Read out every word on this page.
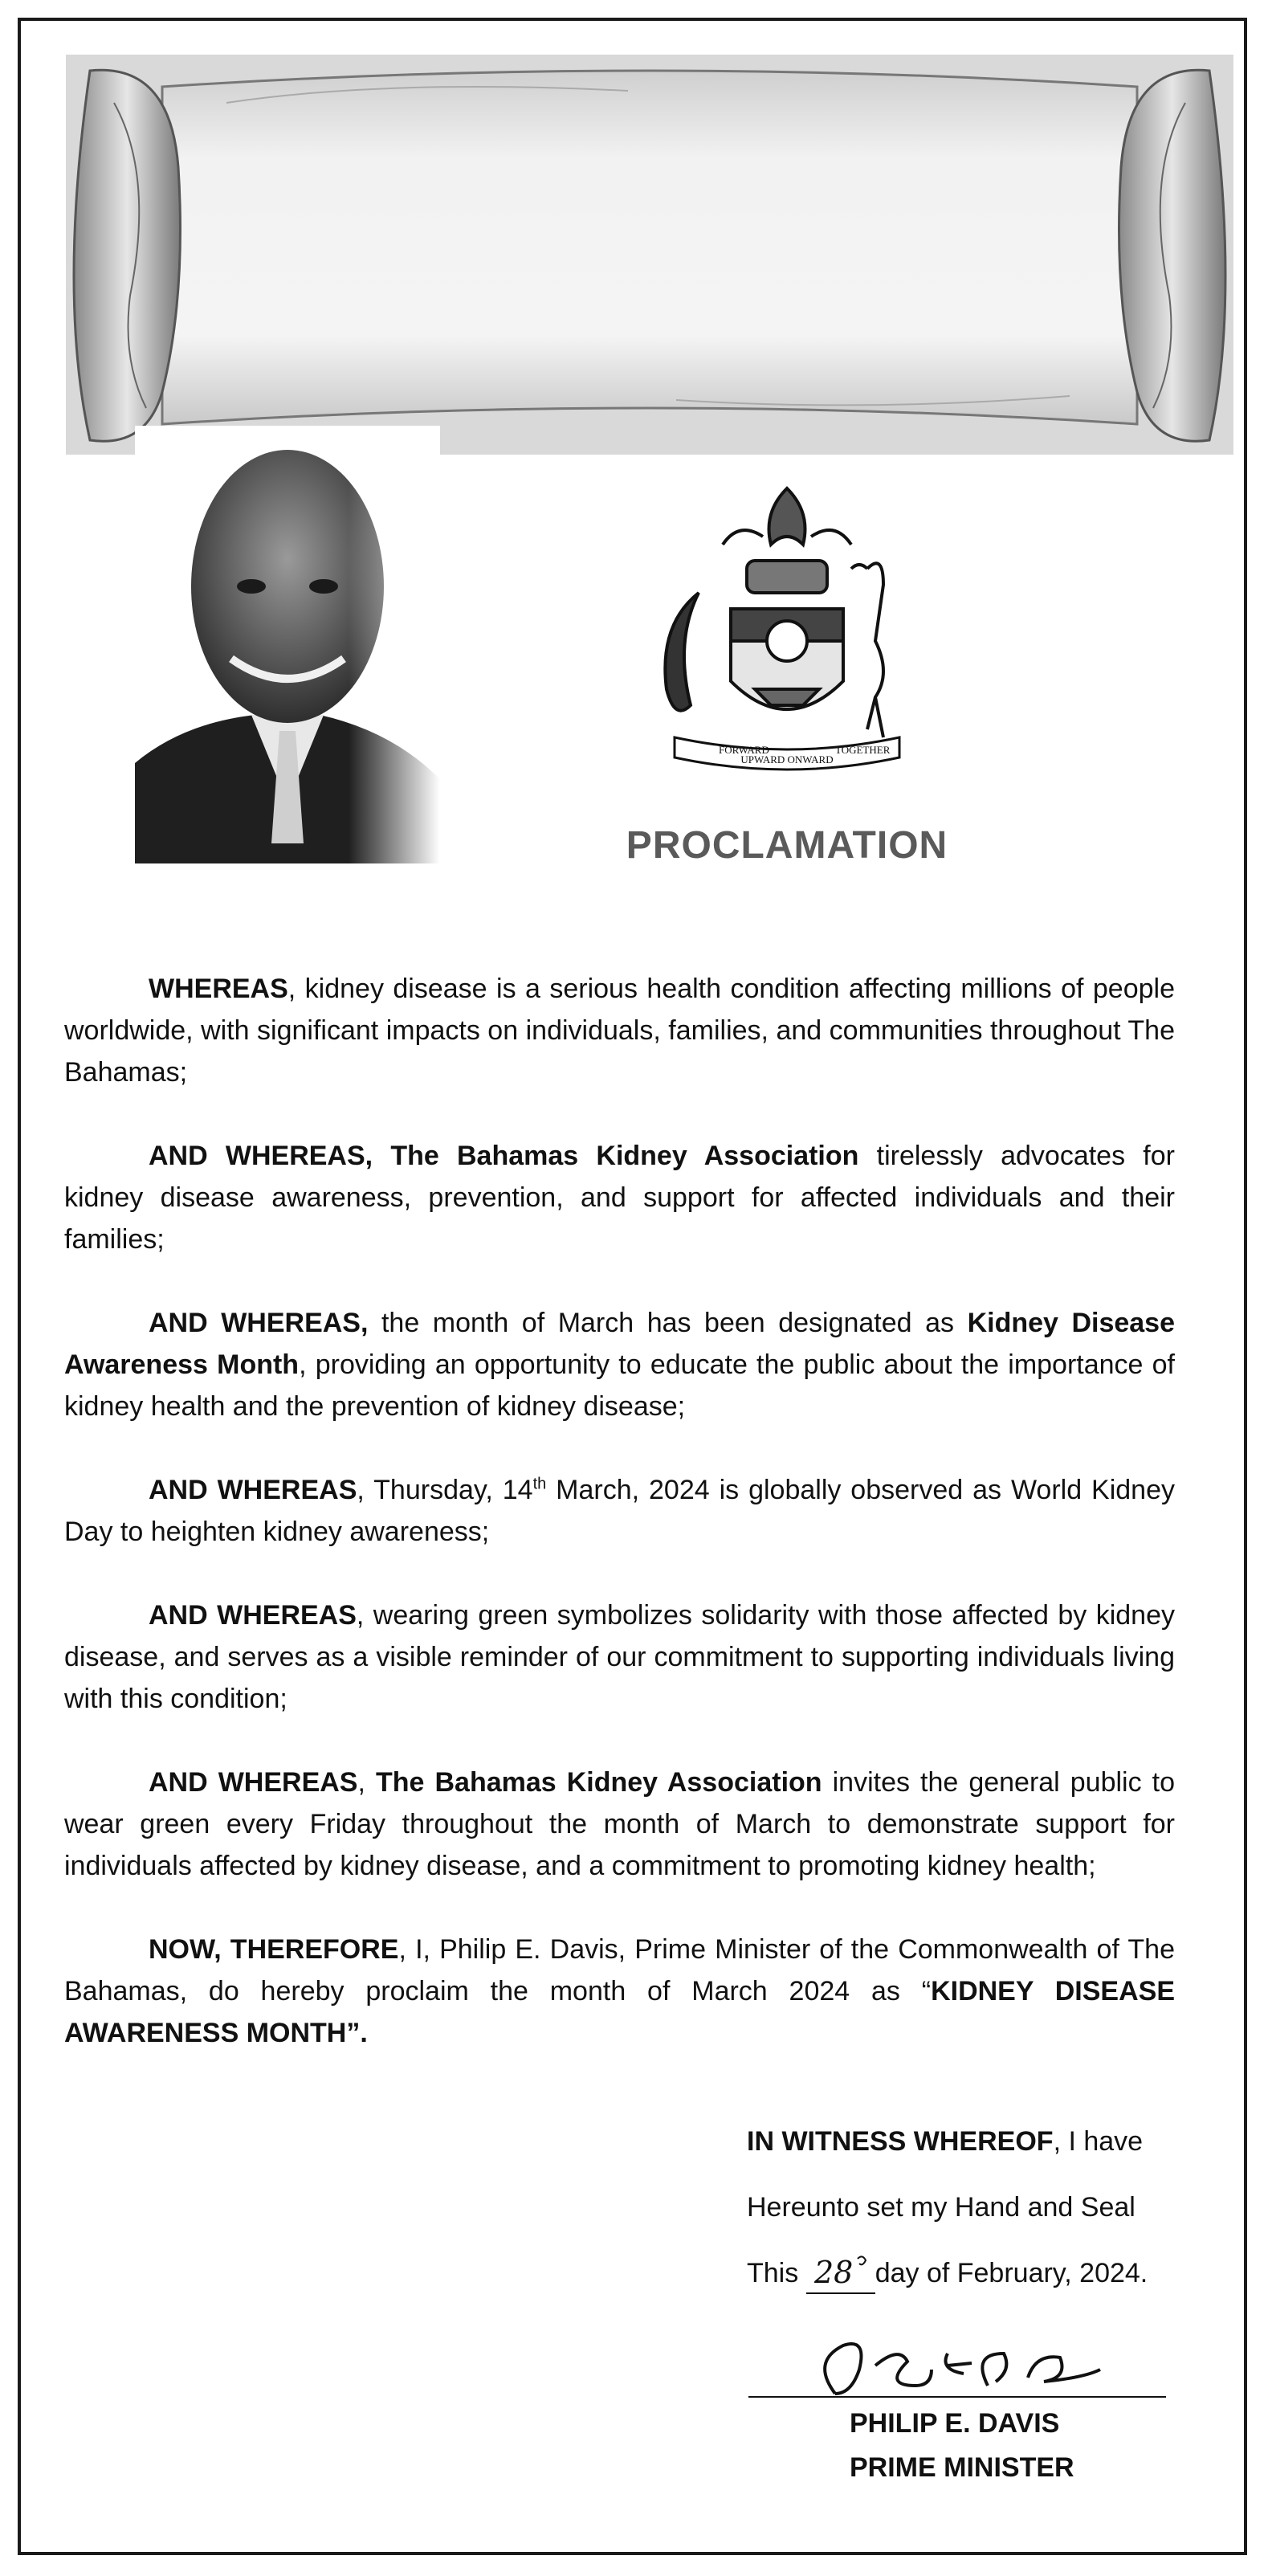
FORWARD
UPWARD ONWARD
TOGETHER
PROCLAMATION

WHEREAS, kidney disease is a serious health condition affecting millions of people worldwide, with significant impacts on individuals, families, and communities throughout The Bahamas;

AND WHEREAS, The Bahamas Kidney Association tirelessly advocates for kidney disease awareness, prevention, and support for affected individuals and their families;

AND WHEREAS, the month of March has been designated as Kidney Disease Awareness Month, providing an opportunity to educate the public about the importance of kidney health and the prevention of kidney disease;

AND WHEREAS, Thursday, 14th March, 2024 is globally observed as World Kidney Day to heighten kidney awareness;

AND WHEREAS, wearing green symbolizes solidarity with those affected by kidney disease, and serves as a visible reminder of our commitment to supporting individuals living with this condition;

AND WHEREAS, The Bahamas Kidney Association invites the general public to wear green every Friday throughout the month of March to demonstrate support for individuals affected by kidney disease, and a commitment to promoting kidney health;

NOW, THEREFORE, I, Philip E. Davis, Prime Minister of the Commonwealth of The Bahamas, do hereby proclaim the month of March 2024 as “KIDNEY DISEASE AWARENESS MONTH”.

IN WITNESS WHEREOF, I have
Hereunto set my Hand and Seal
This 28 day of February, 2024.
PHILIP E. DAVIS
PRIME MINISTER
